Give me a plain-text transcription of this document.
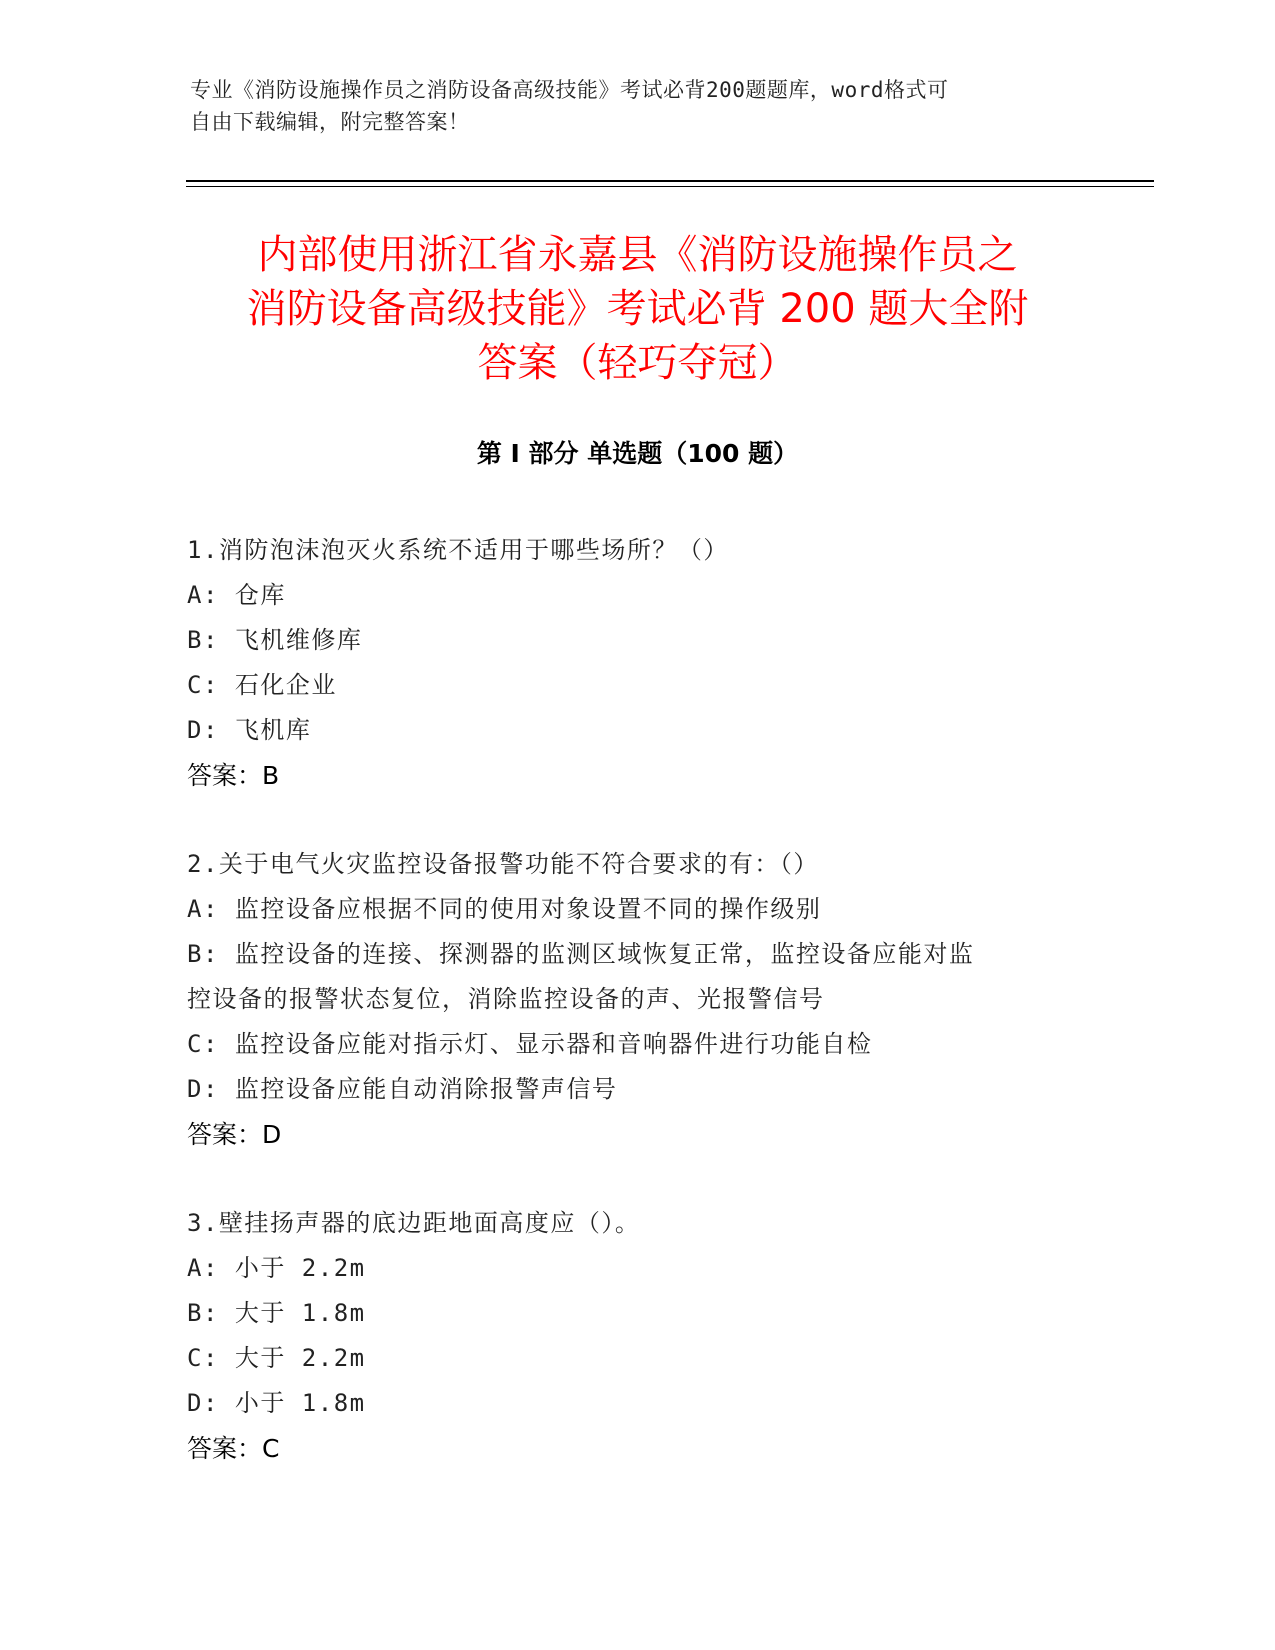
专业《消防设施操作员之消防设备高级技能》考试必背200题题库，word格式可
自由下载编辑，附完整答案！
内部使用浙江省永嘉县《消防设施操作员之
消防设备高级技能》考试必背 200 题大全附
答案（轻巧夺冠）
第 I 部分 单选题（100 题）
1.消防泡沫泡灭火系统不适用于哪些场所？（）
A: 仓库
B: 飞机维修库
C: 石化企业
D: 飞机库
答案：B
2.关于电气火灾监控设备报警功能不符合要求的有：（）
A: 监控设备应根据不同的使用对象设置不同的操作级别
B: 监控设备的连接、探测器的监测区域恢复正常，监控设备应能对监
控设备的报警状态复位，消除监控设备的声、光报警信号
C: 监控设备应能对指示灯、显示器和音响器件进行功能自检
D: 监控设备应能自动消除报警声信号
答案：D
3.壁挂扬声器的底边距地面高度应（）。
A: 小于 2.2m
B: 大于 1.8m
C: 大于 2.2m
D: 小于 1.8m
答案：C
